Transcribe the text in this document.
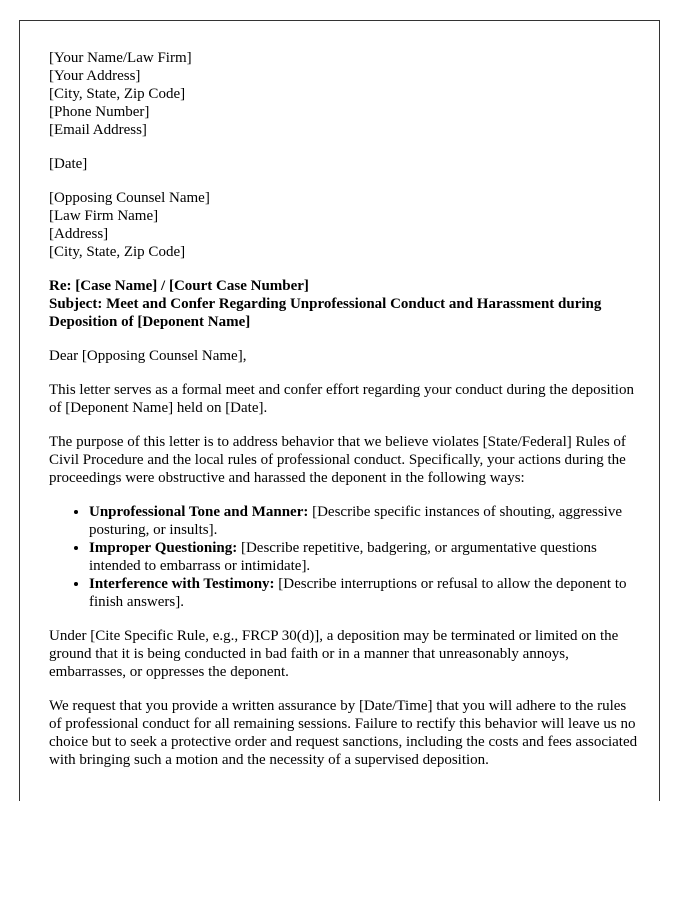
[Your Name/Law Firm]
[Your Address]
[City, State, Zip Code]
[Phone Number]
[Email Address]
[Date]
[Opposing Counsel Name]
[Law Firm Name]
[Address]
[City, State, Zip Code]
Re: [Case Name] / [Court Case Number]
Subject: Meet and Confer Regarding Unprofessional Conduct and Harassment during Deposition of [Deponent Name]

Dear [Opposing Counsel Name],

This letter serves as a formal meet and confer effort regarding your conduct during the deposition of [Deponent Name] held on [Date].

The purpose of this letter is to address behavior that we believe violates [State/Federal] Rules of Civil Procedure and the local rules of professional conduct. Specifically, your actions during the proceedings were obstructive and harassed the deponent in the following ways:

• Unprofessional Tone and Manner: [Describe specific instances of shouting, aggressive posturing, or insults].
• Improper Questioning: [Describe repetitive, badgering, or argumentative questions intended to embarrass or intimidate].
• Interference with Testimony: [Describe interruptions or refusal to allow the deponent to finish answers].

Under [Cite Specific Rule, e.g., FRCP 30(d)], a deposition may be terminated or limited on the ground that it is being conducted in bad faith or in a manner that unreasonably annoys, embarrasses, or oppresses the deponent.

We request that you provide a written assurance by [Date/Time] that you will adhere to the rules of professional conduct for all remaining sessions. Failure to rectify this behavior will leave us no choice but to seek a protective order and request sanctions, including the costs and fees associated with bringing such a motion and the necessity of a supervised deposition.
